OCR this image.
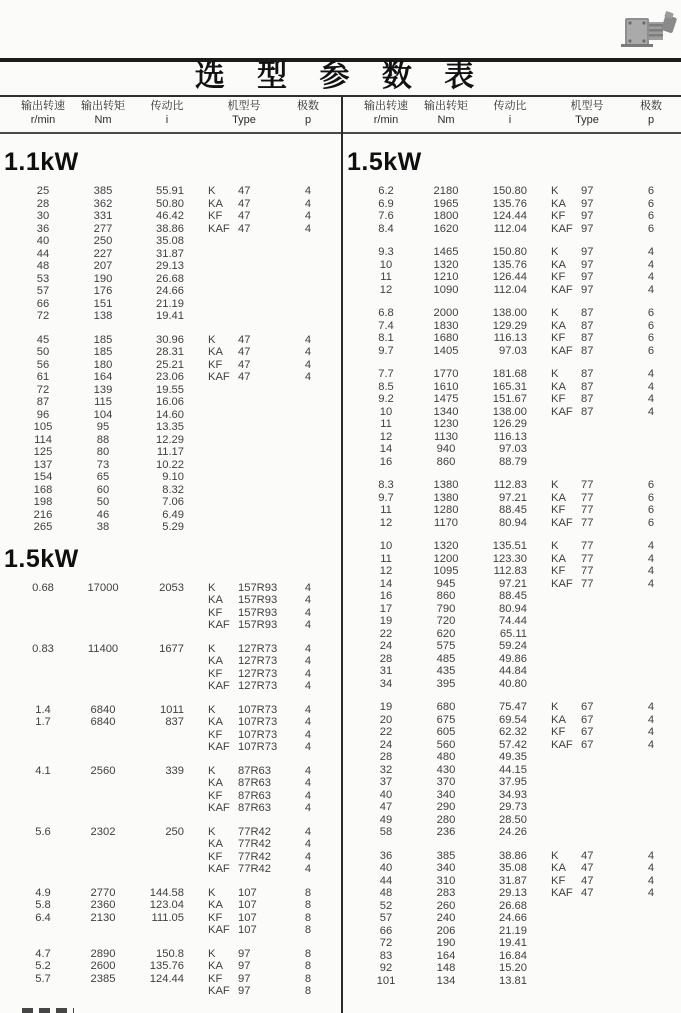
选 型 参 数 表
输出转速
r/min
输出转矩
Nm
传动比
i
机型号
Type
极数
p
输出转速
r/min
输出转矩
Nm
传动比
i
机型号
Type
极数
p
1.1kW
25	385	55.91	K	47	4
28	362	50.80	KA	47	4
30	331	46.42	KF	47	4
36	277	38.86	KAF 47	4
40	250	35.08
44	227	31.87
48	207	29.13
53	190	26.68
57	176	24.66
66	151	21.19
72	138	19.41
45	185	30.96	K	47	4
50	185	28.31	KA	47	4
56	180	25.21	KF	47	4
61	164	23.06	KAF 47	4
72	139	19.55
87	115	16.06
96	104	14.60
105	95	13.35
114	88	12.29
125	80	11.17
137	73	10.22
154	65	9.10
168	60	8.32
198	50	7.06
216	46	6.49
265	38	5.29
1.5kW
0.68	17000	2053	K	157R93	4
KA	157R93	4
KF	157R93	4
KAF 157R93	4
0.83	11400	1677	K	127R73	4
KA	127R73	4
KF	127R73	4
KAF 127R73	4
1.4	6840	1011	K	107R73	4
1.7	6840	837	KA	107R73	4
KF	107R73	4
KAF 107R73	4
4.1	2560	339	K	87R63	4
KA	87R63	4
KF	87R63	4
KAF 87R63	4
5.6	2302	250	K	77R42	4
KA	77R42	4
KF	77R42	4
KAF 77R42	4
4.9	2770	144.58	K	107	8
5.8	2360	123.04	KA	107	8
6.4	2130	111.05	KF	107	8
KAF 107	8
4.7	2890	150.8	K	97	8
5.2	2600	135.76	KA	97	8
5.7	2385	124.44	KF	97	8
KAF 97	8
1.5kW
6.2	2180	150.80	K	97	6
6.9	1965	135.76	KA	97	6
7.6	1800	124.44	KF	97	6
8.4	1620	112.04	KAF 97	6
9.3	1465	150.80	K	97	4
10	1320	135.76	KA	97	4
11	1210	126.44	KF	97	4
12	1090	112.04	KAF 97	4
6.8	2000	138.00	K	87	6
7.4	1830	129.29	KA	87	6
8.1	1680	116.13	KF	87	6
9.7	1405	97.03	KAF 87	6
7.7	1770	181.68	K	87	4
8.5	1610	165.31	KA	87	4
9.2	1475	151.67	KF	87	4
10	1340	138.00	KAF 87	4
11	1230	126.29
12	1130	116.13
14	940	97.03
16	860	88.79
8.3	1380	112.83	K	77	6
9.7	1380	97.21	KA	77	6
11	1280	88.45	KF	77	6
12	1170	80.94	KAF 77	6
10	1320	135.51	K	77	4
11	1200	123.30	KA	77	4
12	1095	112.83	KF	77	4
14	945	97.21	KAF 77	4
16	860	88.45
17	790	80.94
19	720	74.44
22	620	65.11
24	575	59.24
28	485	49.86
31	435	44.84
34	395	40.80
19	680	75.47	K	67	4
20	675	69.54	KA	67	4
22	605	62.32	KF	67	4
24	560	57.42	KAF 67	4
28	480	49.35
32	430	44.15
37	370	37.95
40	340	34.93
47	290	29.73
49	280	28.50
58	236	24.26
36	385	38.86	K	47	4
40	340	35.08	KA	47	4
44	310	31.87	KF	47	4
48	283	29.13	KAF 47	4
52	260	26.68
57	240	24.66
66	206	21.19
72	190	19.41
83	164	16.84
92	148	15.20
101	134	13.81
